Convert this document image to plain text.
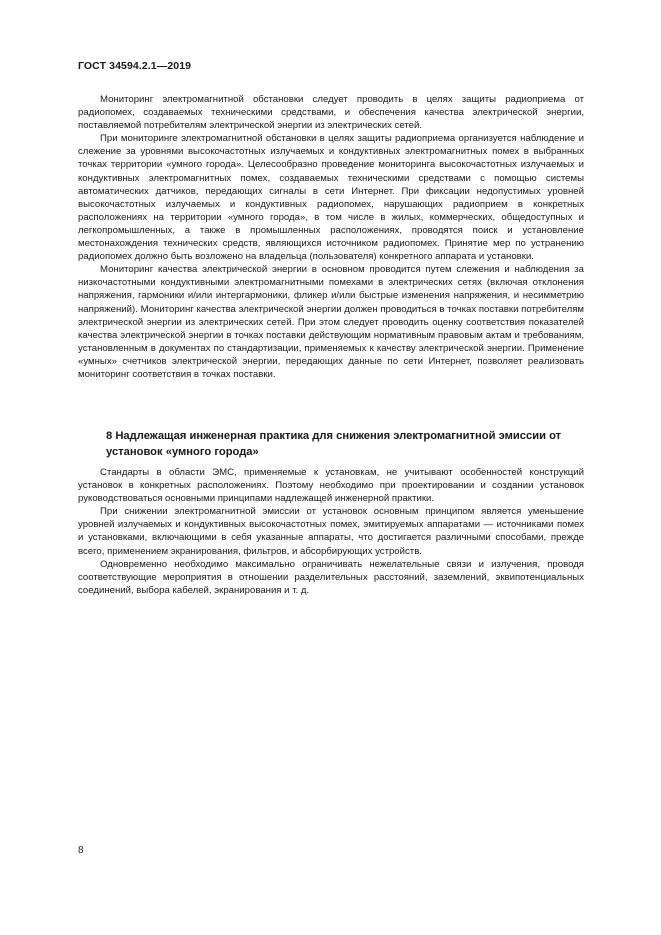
ГОСТ 34594.2.1—2019

Мониторинг электромагнитной обстановки следует проводить в целях защиты радиоприема от радиопомех, создаваемых техническими средствами, и обеспечения качества электрической энергии, поставляемой потребителям электрической энергии из электрических сетей.

При мониторинге электромагнитной обстановки в целях защиты радиоприема организуется наблюдение и слежение за уровнями высокочастотных излучаемых и кондуктивных электромагнитных помех в выбранных точках территории «умного города». Целесообразно проведение мониторинга высокочастотных излучаемых и кондуктивных электромагнитных помех, создаваемых техническими средствами с помощью системы автоматических датчиков, передающих сигналы в сети Интернет. При фиксации недопустимых уровней высокочастотных излучаемых и кондуктивных радиопомех, нарушающих радиоприем в конкретных расположениях на территории «умного города», в том числе в жилых, коммерческих, общедоступных и легкопромышленных, а также в промышленных расположениях, проводятся поиск и установление местонахождения технических средств, являющихся источником радиопомех. Принятие мер по устранению радиопомех должно быть возложено на владельца (пользователя) конкретного аппарата и установки.

Мониторинг качества электрической энергии в основном проводится путем слежения и наблюдения за низкочастотными кондуктивными электромагнитными помехами в электрических сетях (включая отклонения напряжения, гармоники и/или интергармоники, фликер и/или быстрые изменения напряжения, и несимметрию напряжений). Мониторинг качества электрической энергии должен проводиться в точках поставки потребителям электрической энергии из электрических сетей. При этом следует проводить оценку соответствия показателей качества электрической энергии в точках поставки действующим нормативным правовым актам и требованиям, установленным в документах по стандартизации, применяемых к качеству электрической энергии. Применение «умных» счетчиков электрической энергии, передающих данные по сети Интернет, позволяет реализовать мониторинг соответствия в точках поставки.

8 Надлежащая инженерная практика для снижения электромагнитной эмиссии от установок «умного города»

Стандарты в области ЭМС, применяемые к установкам, не учитывают особенностей конструкций установок в конкретных расположениях. Поэтому необходимо при проектировании и создании установок руководствоваться основными принципами надлежащей инженерной практики.

При снижении электромагнитной эмиссии от установок основным принципом является уменьшение уровней излучаемых и кондуктивных высокочастотных помех, эмитируемых аппаратами — источниками помех и установками, включающими в себя указанные аппараты, что достигается различными способами, прежде всего, применением экранирования, фильтров, и абсорбирующих устройств.

Одновременно необходимо максимально ограничивать нежелательные связи и излучения, проводя соответствующие мероприятия в отношении разделительных расстояний, заземлений, эквипотенциальных соединений, выбора кабелей, экранирования и т. д.

8
